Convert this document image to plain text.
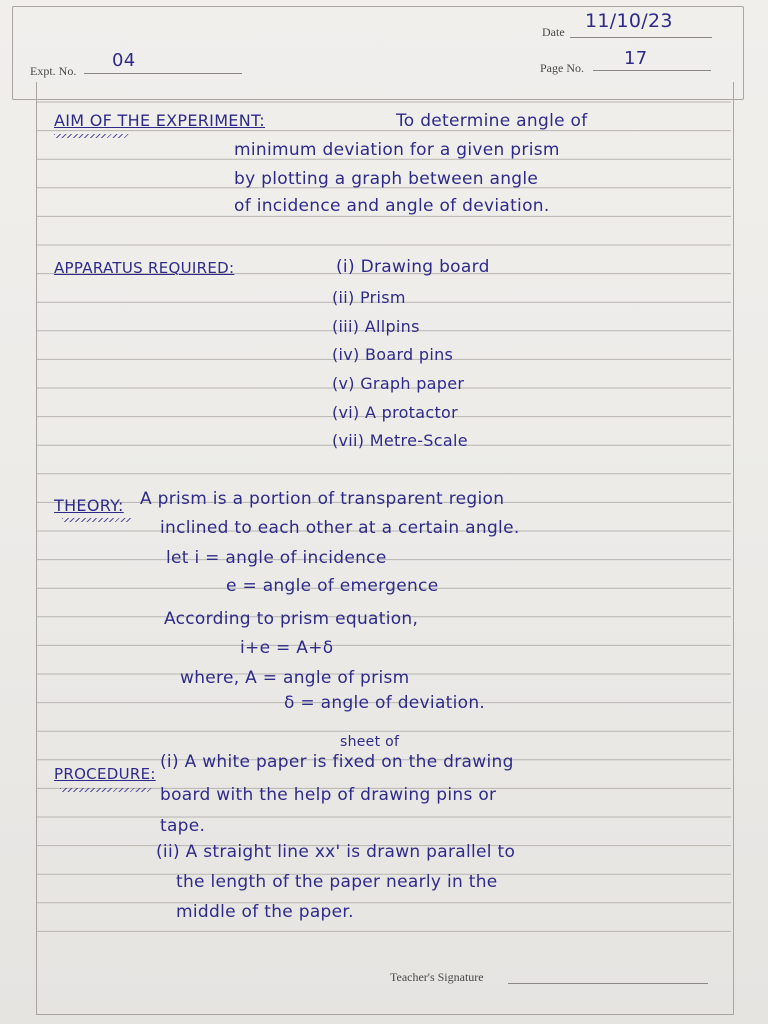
Date 11/10/23
Expt. No. 04	Page No. 17
AIM OF THE EXPERIMENT:	To determine angle of
minimum deviation for a given prism
by plotting a graph between angle
of incidence and angle of deviation.
APPARATUS REQUIRED:	(i) Drawing board
(ii) Prism
(iii) Allpins
(iv) Board pins
(v) Graph paper
(vi) A protactor
(vii) Metre-Scale
THEORY: A prism is a portion of transparent region
inclined to each other at a certain angle.
let i = angle of incidence
e = angle of emergence
According to prism equation,
i+e = A+δ
where, A = angle of prism
δ = angle of deviation.
sheet of
PROCEDURE:
(i) A white paper is fixed on the drawing
board with the help of drawing pins or
tape.
(ii) A straight line xx' is drawn parallel to
the length of the paper nearly in the
middle of the paper.
Teacher's Signature
